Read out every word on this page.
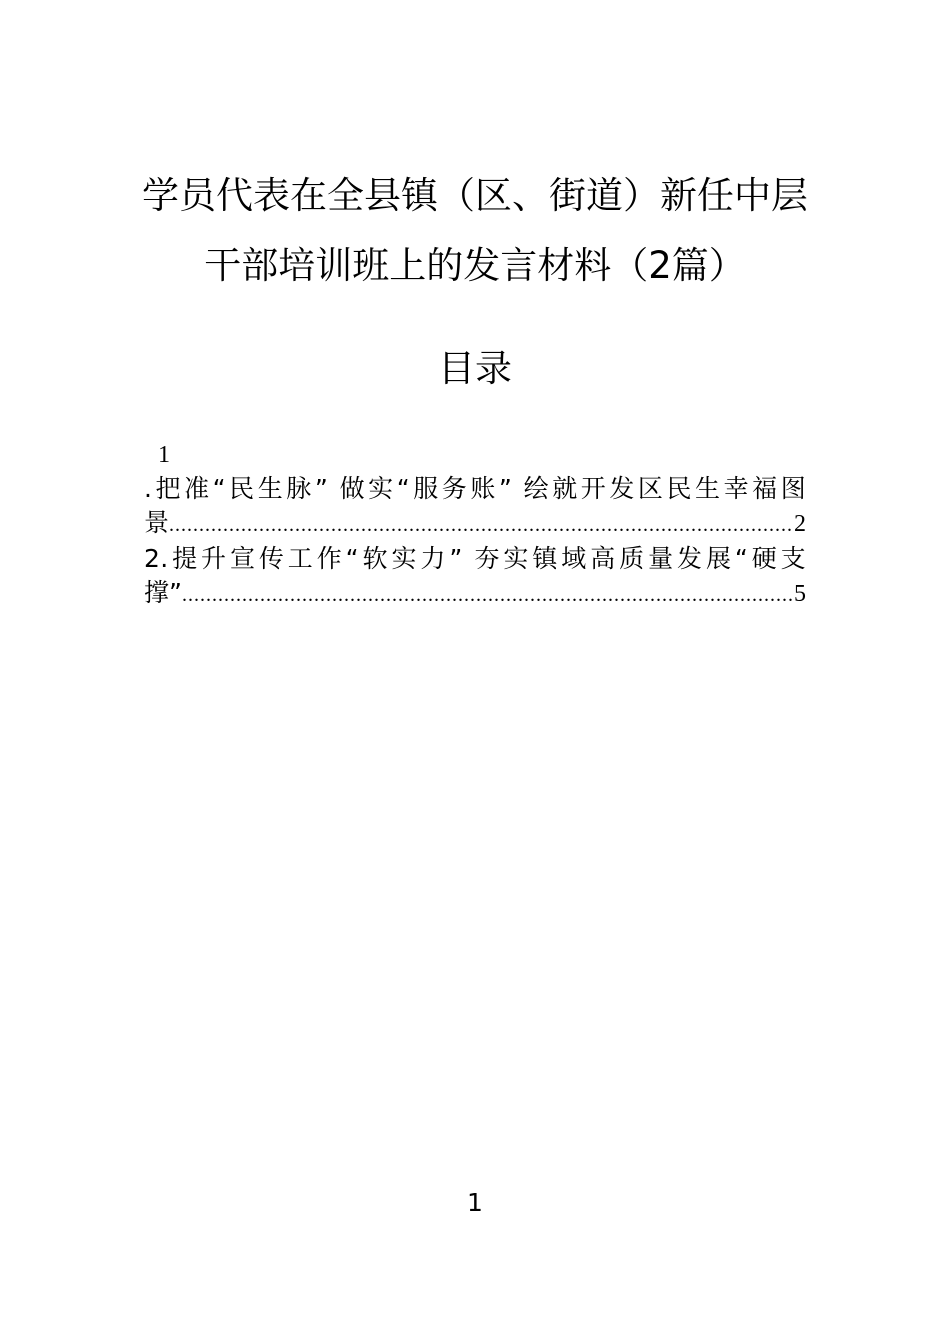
学员代表在全县镇（区、街道）新任中层
干部培训班上的发言材料（2篇）
目录
1
.把准“民生脉” 做实“服务账” 绘就开发区民生幸福图
景 .....	2
2.提升宣传工作“软实力” 夯实镇域高质量发展“硬支
撑” .....	5
1
